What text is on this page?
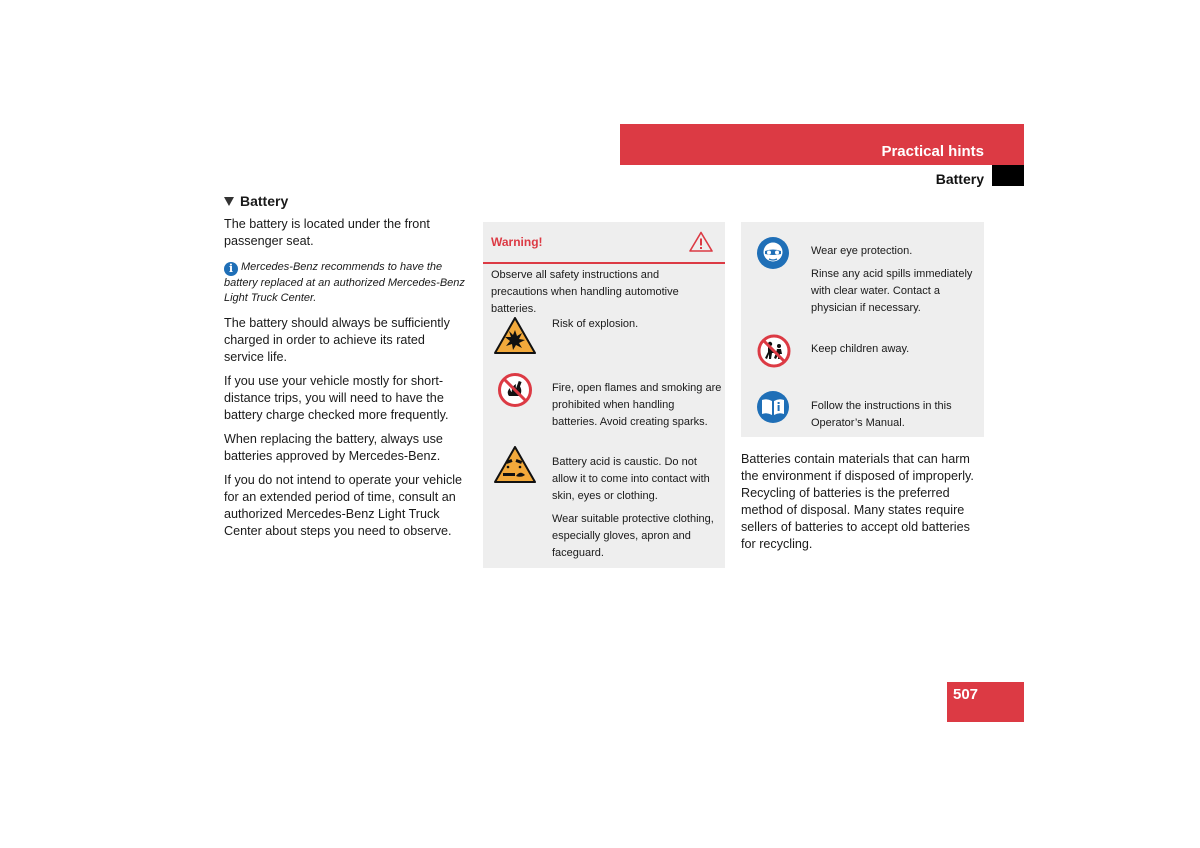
Practical hints
Battery
Battery

The battery is located under the front passenger seat.

i Mercedes-Benz recommends to have the battery replaced at an authorized Mercedes-Benz Light Truck Center.

The battery should always be sufficiently charged in order to achieve its rated service life.

If you use your vehicle mostly for short-distance trips, you will need to have the battery charge checked more frequently.

When replacing the battery, always use batteries approved by Mercedes-Benz.

If you do not intend to operate your vehicle for an extended period of time, consult an authorized Mercedes-Benz Light Truck Center about steps you need to observe.

Warning!
Observe all safety instructions and precautions when handling automotive batteries.

Risk of explosion.

Fire, open flames and smoking are prohibited when handling batteries. Avoid creating sparks.

Battery acid is caustic. Do not allow it to come into contact with skin, eyes or clothing.

Wear suitable protective clothing, especially gloves, apron and faceguard.

Wear eye protection.

Rinse any acid spills immediately with clear water. Contact a physician if necessary.

Keep children away.

Follow the instructions in this Operator’s Manual.

Batteries contain materials that can harm the environment if disposed of improperly. Recycling of batteries is the preferred method of disposal. Many states require sellers of batteries to accept old batteries for recycling.
507
